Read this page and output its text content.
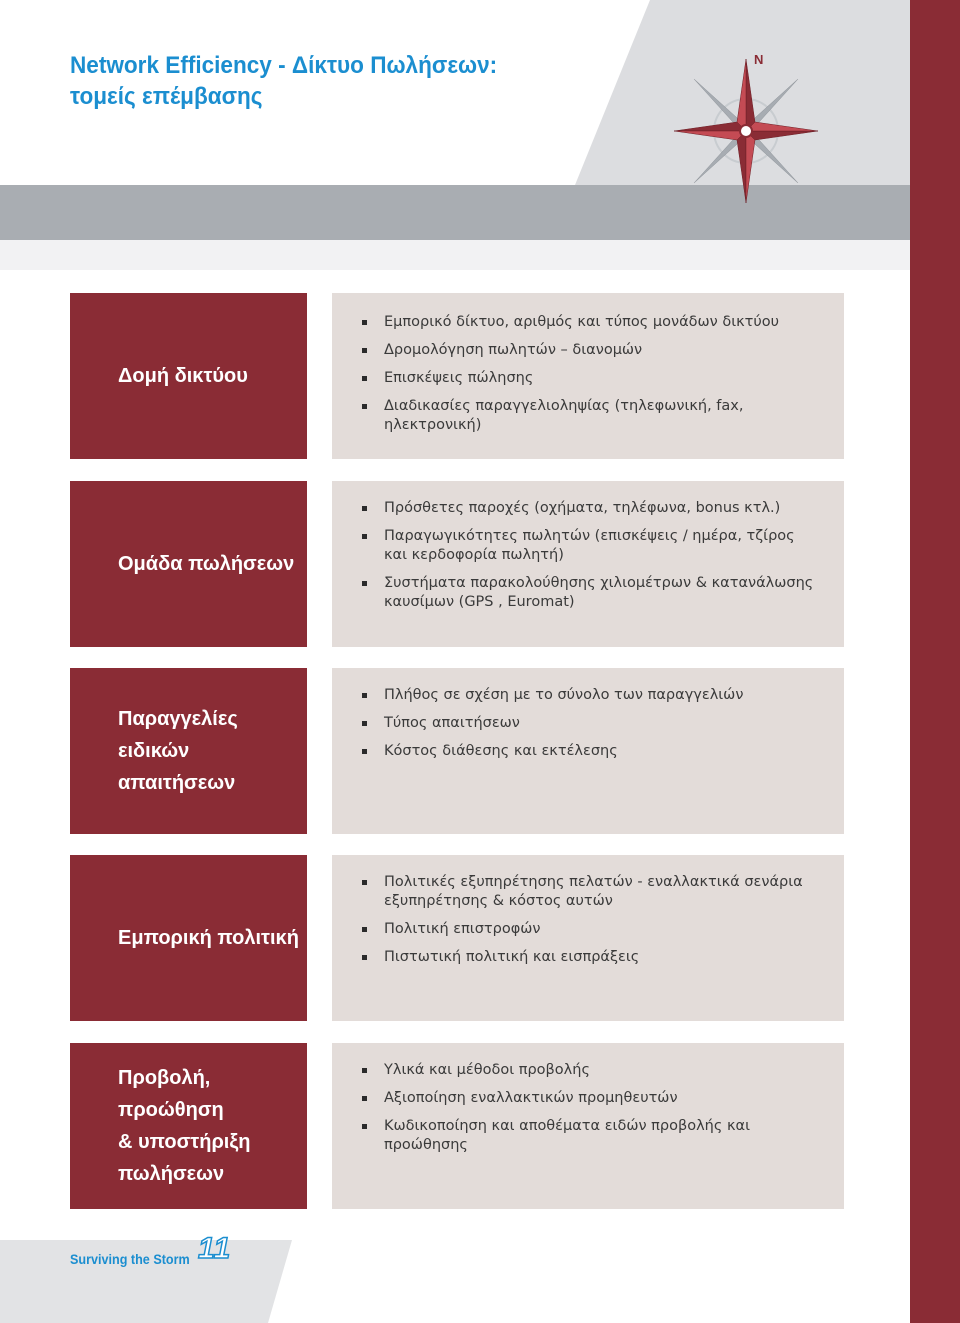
Network Efficiency - Δίκτυο Πωλήσεων:
τομείς επέμβασης
N
Δομή δικτύου
Εμπορικό δίκτυο, αριθμός και τύπος μονάδων δικτύου
Δρομολόγηση πωλητών – διανομών
Επισκέψεις πώλησης
Διαδικασίες παραγγελιοληψίας (τηλεφωνική, fax, ηλεκτρονική)
Ομάδα πωλήσεων
Πρόσθετες παροχές (οχήματα, τηλέφωνα, bonus κτλ.)
Παραγωγικότητες πωλητών (επισκέψεις / ημέρα, τζίρος και κερδοφορία πωλητή)
Συστήματα παρακολούθησης χιλιομέτρων & κατανάλωσης καυσίμων (GPS , Euromat)
Παραγγελίες
ειδικών απαιτήσεων
Πλήθος σε σχέση με το σύνολο των παραγγελιών
Τύπος απαιτήσεων
Κόστος διάθεσης και εκτέλεσης
Εμπορική πολιτική
Πολιτικές εξυπηρέτησης πελατών - εναλλακτικά σενάρια εξυπηρέτησης & κόστος αυτών
Πολιτική επιστροφών
Πιστωτική πολιτική και εισπράξεις
Προβολή, προώθηση
& υποστήριξη
πωλήσεων
Υλικά και μέθοδοι προβολής
Αξιοποίηση εναλλακτικών προμηθευτών
Κωδικοποίηση και αποθέματα ειδών προβολής και προώθησης
Surviving the Storm 11
